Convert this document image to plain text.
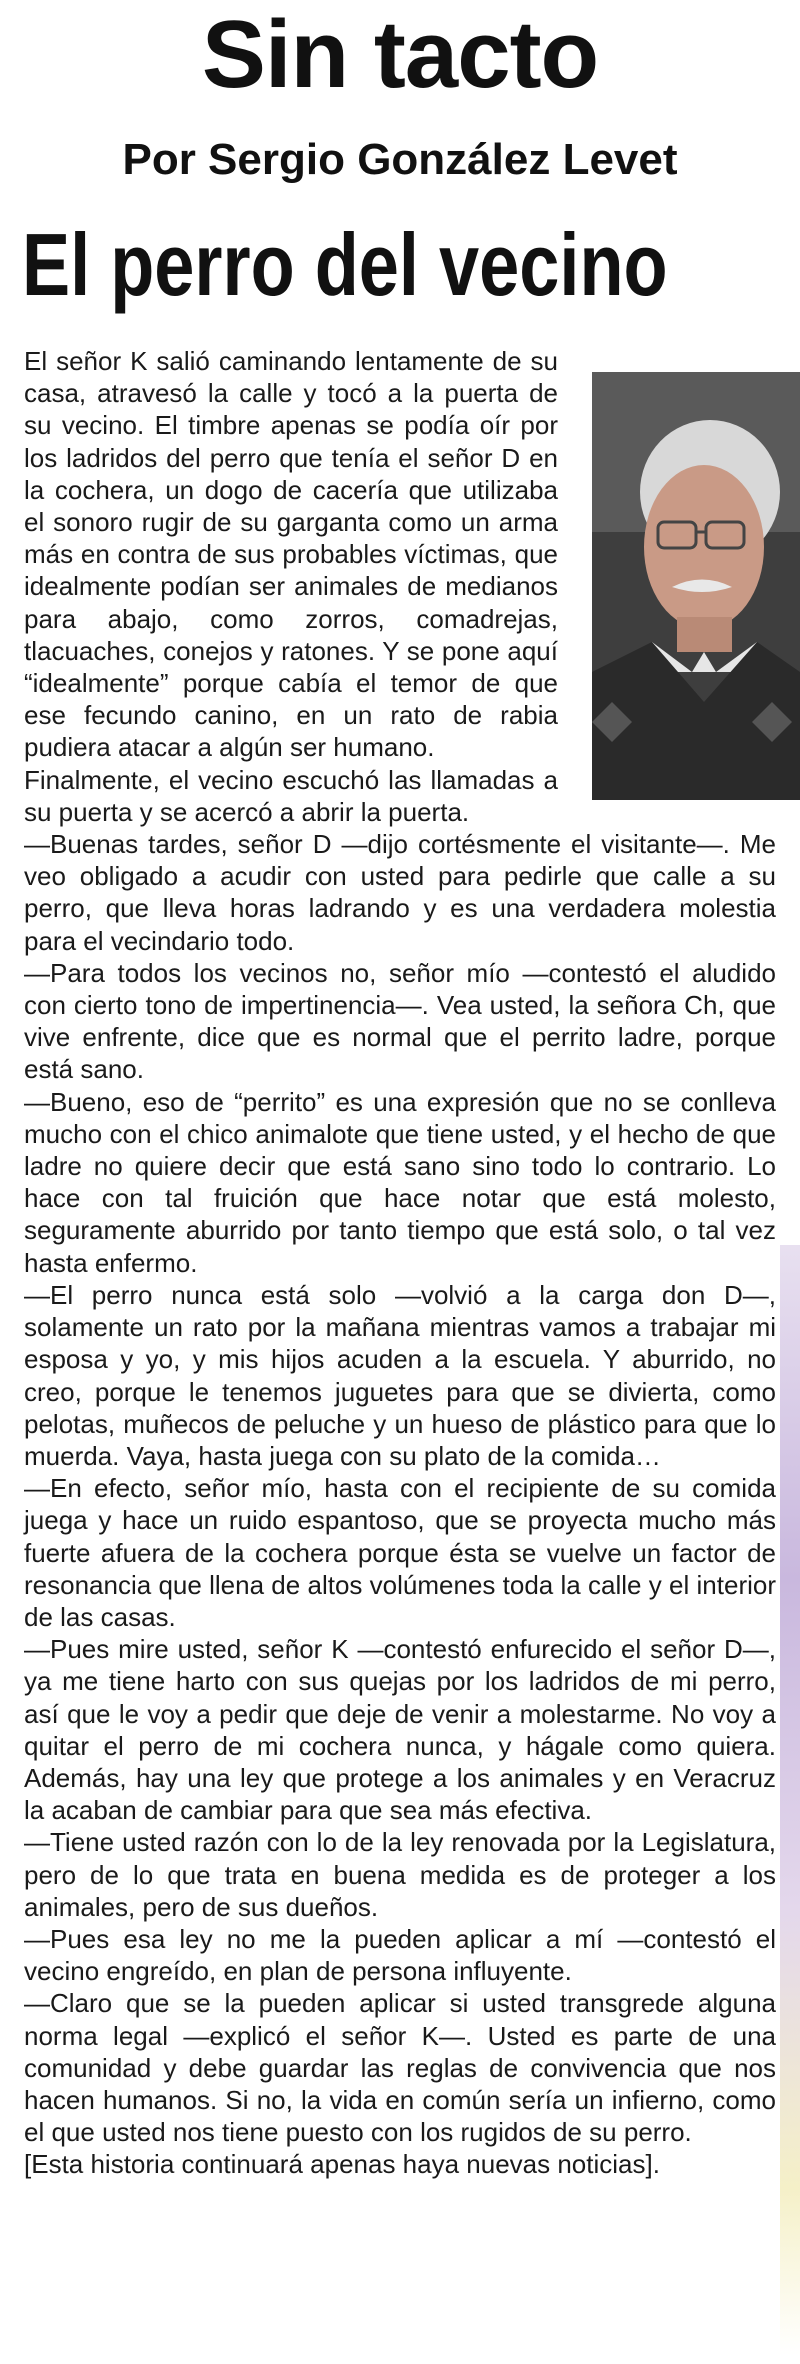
Sin tacto
Por Sergio González Levet
El perro del vecino

El señor K salió caminando lentamente de su casa, atravesó la calle y tocó a la puerta de su vecino. El timbre apenas se podía oír por los ladridos del perro que tenía el señor D en la cochera, un dogo de cacería que utilizaba el sonoro rugir de su garganta como un arma más en contra de sus probables víctimas, que idealmente podían ser animales de medianos para abajo, como zorros, comadrejas, tlacuaches, conejos y ratones. Y se pone aquí “idealmente” porque cabía el temor de que ese fecundo canino, en un rato de rabia pudiera atacar a algún ser humano.

Finalmente, el vecino escuchó las llamadas a su puerta y se acercó a abrir la puerta.

—Buenas tardes, señor D —dijo cortésmente el visitante—. Me veo obligado a acudir con usted para pedirle que calle a su perro, que lleva horas ladrando y es una verdadera molestia para el vecindario todo.

—Para todos los vecinos no, señor mío —contestó el aludido con cierto tono de impertinencia—. Vea usted, la señora Ch, que vive enfrente, dice que es normal que el perrito ladre, porque está sano.

—Bueno, eso de “perrito” es una expresión que no se conlleva mucho con el chico animalote que tiene usted, y el hecho de que ladre no quiere decir que está sano sino todo lo contrario. Lo hace con tal fruición que hace notar que está molesto, seguramente aburrido por tanto tiempo que está solo, o tal vez hasta enfermo.

—El perro nunca está solo —volvió a la carga don D—, solamente un rato por la mañana mientras vamos a trabajar mi esposa y yo, y mis hijos acuden a la escuela. Y aburrido, no creo, porque le tenemos juguetes para que se divierta, como pelotas, muñecos de peluche y un hueso de plástico para que lo muerda. Vaya, hasta juega con su plato de la comida…

—En efecto, señor mío, hasta con el recipiente de su comida juega y hace un ruido espantoso, que se proyecta mucho más fuerte afuera de la cochera porque ésta se vuelve un factor de resonancia que llena de altos volúmenes toda la calle y el interior de las casas.

—Pues mire usted, señor K —contestó enfurecido el señor D—, ya me tiene harto con sus quejas por los ladridos de mi perro, así que le voy a pedir que deje de venir a molestarme. No voy a quitar el perro de mi cochera nunca, y hágale como quiera. Además, hay una ley que protege a los animales y en Veracruz la acaban de cambiar para que sea más efectiva.

—Tiene usted razón con lo de la ley renovada por la Legislatura, pero de lo que trata en buena medida es de proteger a los animales, pero de sus dueños.

—Pues esa ley no me la pueden aplicar a mí —contestó el vecino engreído, en plan de persona influyente.

—Claro que se la pueden aplicar si usted transgrede alguna norma legal —explicó el señor K—. Usted es parte de una comunidad y debe guardar las reglas de convivencia que nos hacen humanos. Si no, la vida en común sería un infierno, como el que usted nos tiene puesto con los rugidos de su perro.

[Esta historia continuará apenas haya nuevas noticias].
